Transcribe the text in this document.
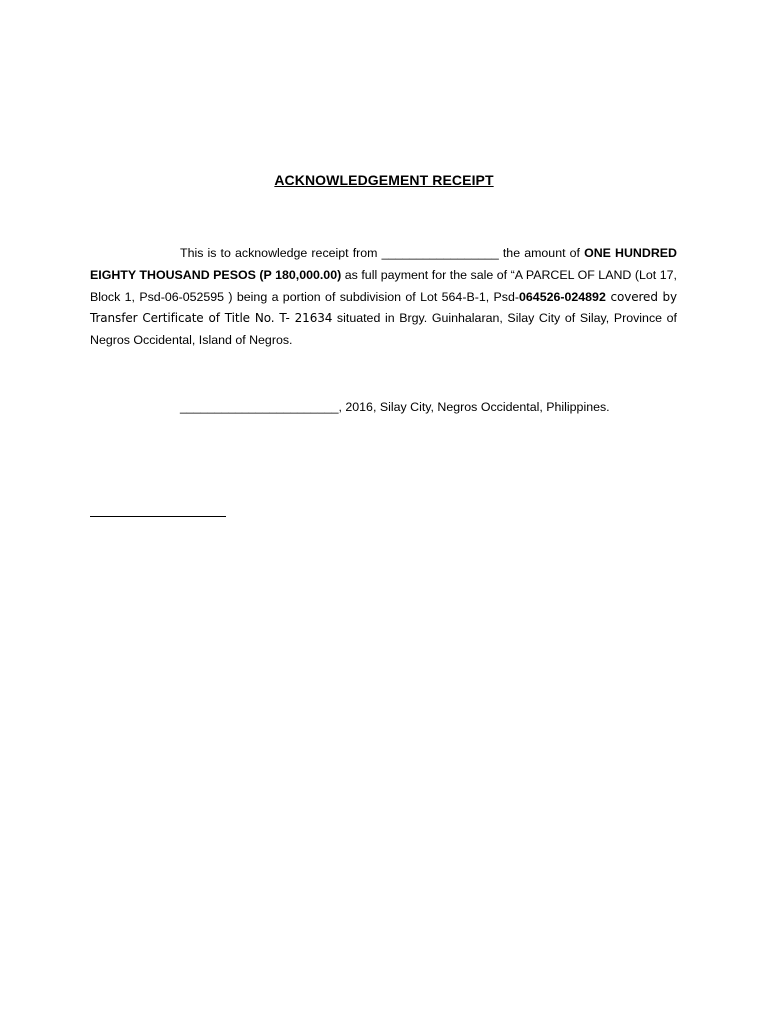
ACKNOWLEDGEMENT RECEIPT

This is to acknowledge receipt from _________________ the amount of ONE HUNDRED EIGHTY THOUSAND PESOS (P 180,000.00) as full payment for the sale of “A PARCEL OF LAND (Lot 17, Block 1, Psd-06-052595 ) being a portion of subdivision of Lot 564-B-1, Psd-064526-024892 covered by Transfer Certificate of Title No. T- 21634 situated in Brgy. Guinhalaran, Silay City of Silay, Province of Negros Occidental, Island of Negros.

_______________________, 2016, Silay City, Negros Occidental, Philippines.
